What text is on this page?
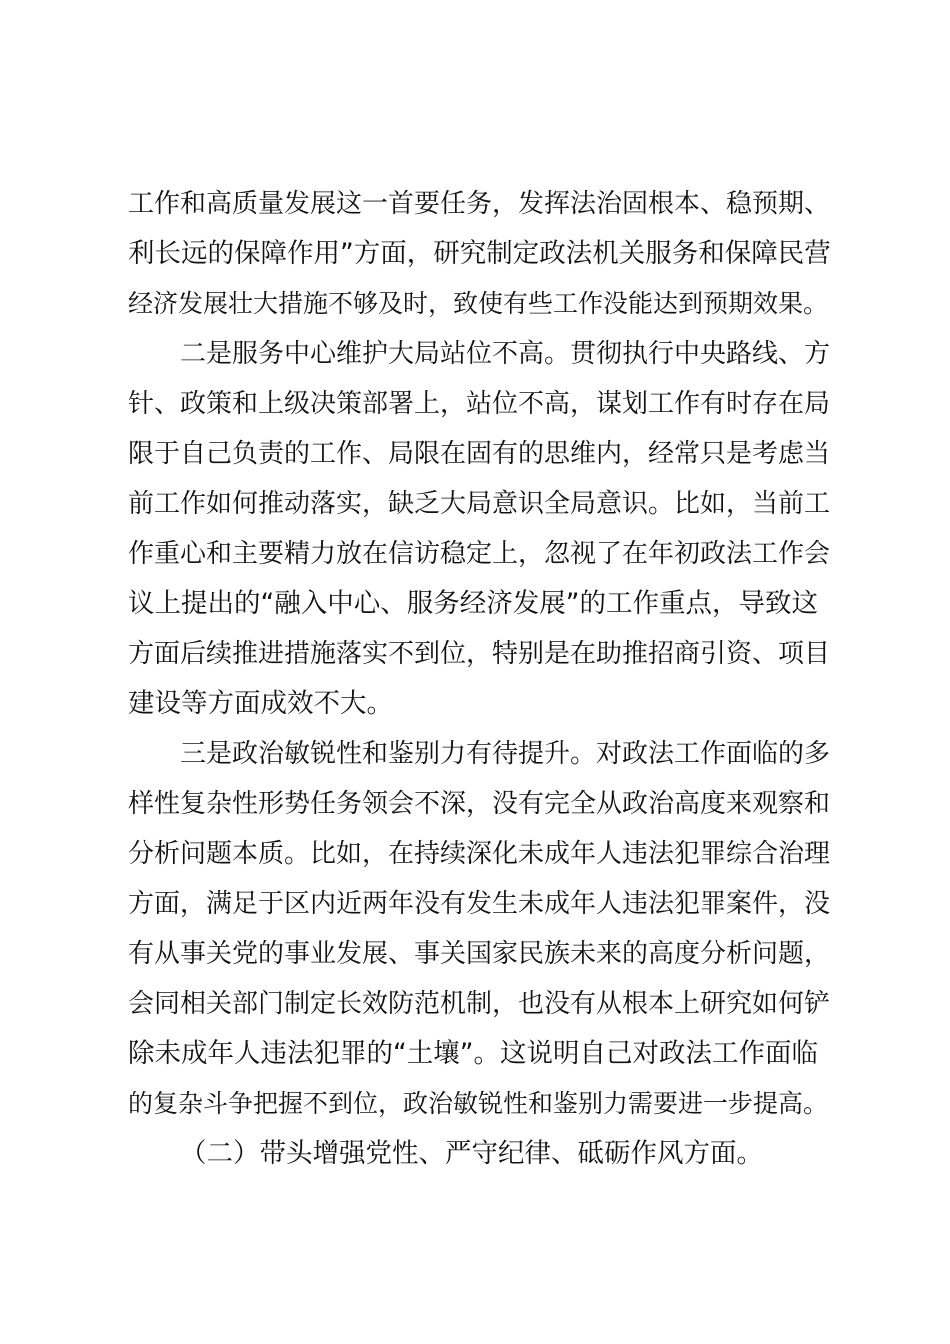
工作和高质量发展这一首要任务，发挥法治固根本、稳预期、
利长远的保障作用”方面，研究制定政法机关服务和保障民营
经济发展壮大措施不够及时，致使有些工作没能达到预期效果。
二是服务中心维护大局站位不高。贯彻执行中央路线、方
针、政策和上级决策部署上，站位不高，谋划工作有时存在局
限于自己负责的工作、局限在固有的思维内，经常只是考虑当
前工作如何推动落实，缺乏大局意识全局意识。比如，当前工
作重心和主要精力放在信访稳定上，忽视了在年初政法工作会
议上提出的“融入中心、服务经济发展”的工作重点，导致这
方面后续推进措施落实不到位，特别是在助推招商引资、项目
建设等方面成效不大。
三是政治敏锐性和鉴别力有待提升。对政法工作面临的多
样性复杂性形势任务领会不深，没有完全从政治高度来观察和
分析问题本质。比如，在持续深化未成年人违法犯罪综合治理
方面，满足于区内近两年没有发生未成年人违法犯罪案件，没
有从事关党的事业发展、事关国家民族未来的高度分析问题，
会同相关部门制定长效防范机制，也没有从根本上研究如何铲
除未成年人违法犯罪的“土壤”。这说明自己对政法工作面临
的复杂斗争把握不到位，政治敏锐性和鉴别力需要进一步提高。
（二）带头增强党性、严守纪律、砥砺作风方面。
